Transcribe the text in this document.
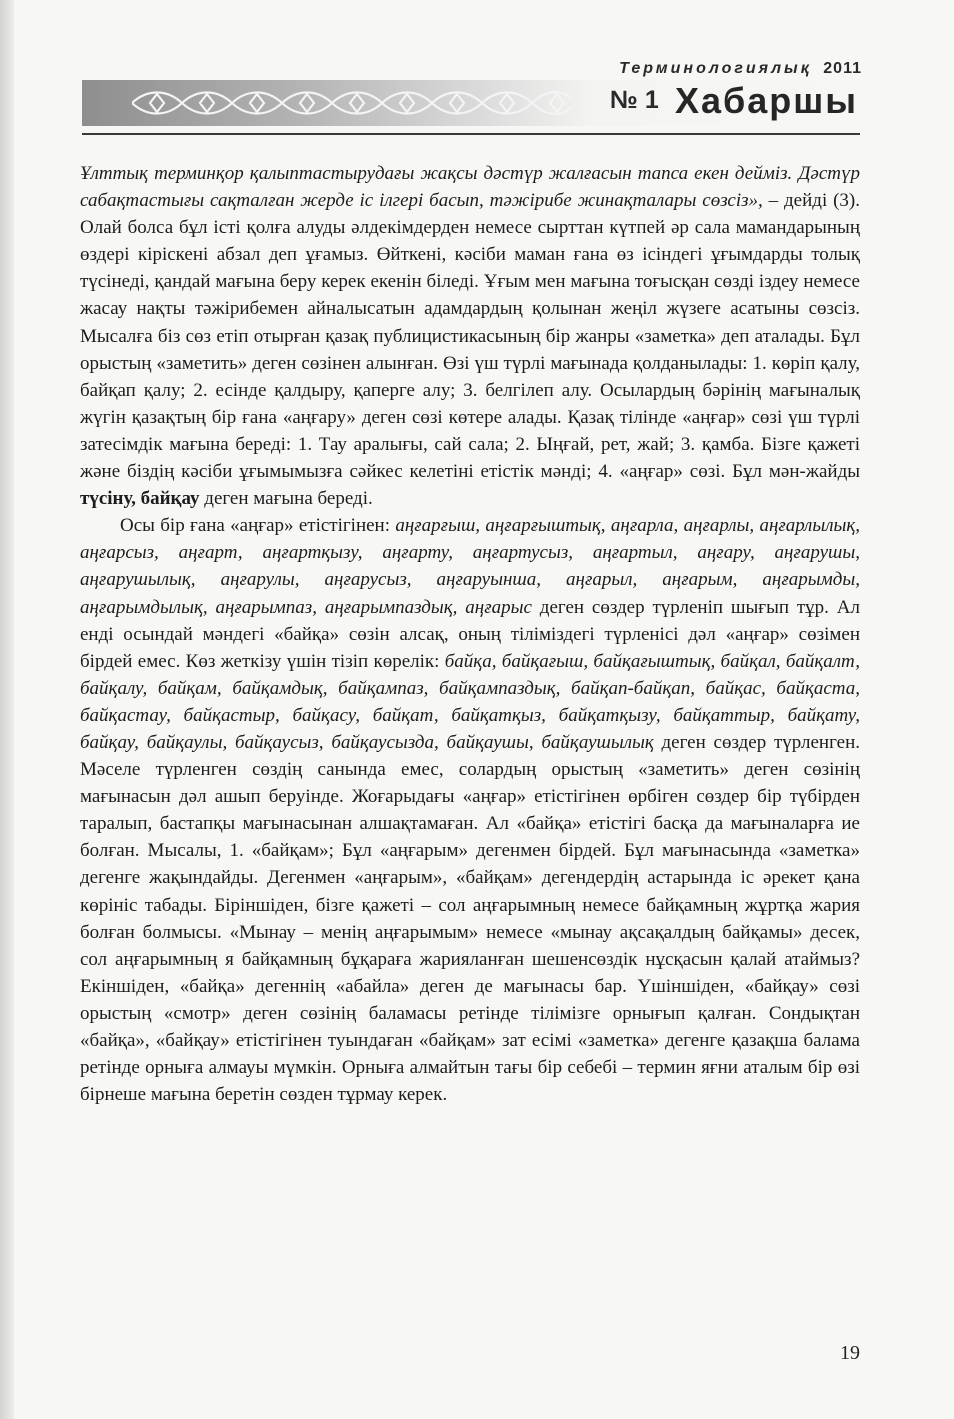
Терминологиялық 2011
№ 1 Хабаршы

Ұлттық терминқор қалыптастырудағы жақсы дәстүр жалғасын тапса екен дейміз. Дәстүр сабақтастығы сақталған жерде іс ілгері басып, тәжірибе жинақталары сөзсіз», – дейді (3). Олай болса бұл істі қолға алуды әлдекімдерден немесе сырттан күтпей әр сала мамандарының өздері кіріскені абзал деп ұғамыз. Өйткені, кәсіби маман ғана өз ісіндегі ұғымдарды толық түсінеді, қандай мағына беру керек екенін біледі. Ұғым мен мағына тоғысқан сөзді іздеу немесе жасау нақты тәжірибемен айналысатын адамдардың қолынан жеңіл жүзеге асатыны сөзсіз. Мысалға біз сөз етіп отырған қазақ публицистикасының бір жанры «заметка» деп аталады. Бұл орыстың «заметить» деген сөзінен алынған. Өзі үш түрлі мағынада қолданылады: 1. көріп қалу, байқап қалу; 2. есінде қалдыру, қаперге алу; 3. белгілеп алу. Осылардың бәрінің мағыналық жүгін қазақтың бір ғана «аңғару» деген сөзі көтере алады. Қазақ тілінде «аңғар» сөзі үш түрлі затесімдік мағына береді: 1. Тау аралығы, сай сала; 2. Ыңғай, рет, жай; 3. қамба. Бізге қажеті және біздің кәсіби ұғымымызға сәйкес келетіні етістік мәнді; 4. «аңғар» сөзі. Бұл мән-жайды түсіну, байқау деген мағына береді.

Осы бір ғана «аңғар» етістігінен: аңғарғыш, аңғарғыштық, аңғарла, аңғарлы, аңғарлылық, аңғарсыз, аңғарт, аңғартқызу, аңғарту, аңғартусыз, аңғартыл, аңғару, аңғарушы, аңғарушылық, аңғарулы, аңғарусыз, аңғаруынша, аңғарыл, аңғарым, аңғарымды, аңғарымдылық, аңғарымпаз, аңғарымпаздық, аңғарыс деген сөздер түрленіп шығып тұр. Ал енді осындай мәндегі «байқа» сөзін алсақ, оның тіліміздегі түрленісі дәл «аңғар» сөзімен бірдей емес. Көз жеткізу үшін тізіп көрелік: байқа, байқағыш, байқағыштық, байқал, байқалт, байқалу, байқам, байқамдық, байқампаз, байқампаздық, байқап-байқап, байқас, байқаста, байқастау, байқастыр, байқасу, байқат, байқатқыз, байқатқызу, байқаттыр, байқату, байқау, байқаулы, байқаусыз, байқаусызда, байқаушы, байқаушылық деген сөздер түрленген. Мәселе түрленген сөздің санында емес, солардың орыстың «заметить» деген сөзінің мағынасын дәл ашып беруінде. Жоғарыдағы «аңғар» етістігінен өрбіген сөздер бір түбірден таралып, бастапқы мағынасынан алшақтамаған. Ал «байқа» етістігі басқа да мағыналарға ие болған. Мысалы, 1. «байқам»; Бұл «аңғарым» дегенмен бірдей. Бұл мағынасында «заметка» дегенге жақындайды. Дегенмен «аңғарым», «байқам» дегендердің астарында іс әрекет қана көрініс табады. Біріншіден, бізге қажеті – сол аңғарымның немесе байқамның жұртқа жария болған болмысы. «Мынау – менің аңғарымым» немесе «мынау ақсақалдың байқамы» десек, сол аңғарымның я байқамның бұқараға жарияланған шешенсөздік нұсқасын қалай атаймыз? Екіншіден, «байқа» дегеннің «абайла» деген де мағынасы бар. Үшіншіден, «байқау» сөзі орыстың «смотр» деген сөзінің баламасы ретінде тілімізге орнығып қалған. Сондықтан «байқа», «байқау» етістігінен туындаған «байқам» зат есімі «заметка» дегенге қазақша балама ретінде орныға алмауы мүмкін. Орнығa алмайтын тағы бір себебі – термин яғни аталым бір өзі бірнеше мағына беретін сөзден тұрмау керек.

19
